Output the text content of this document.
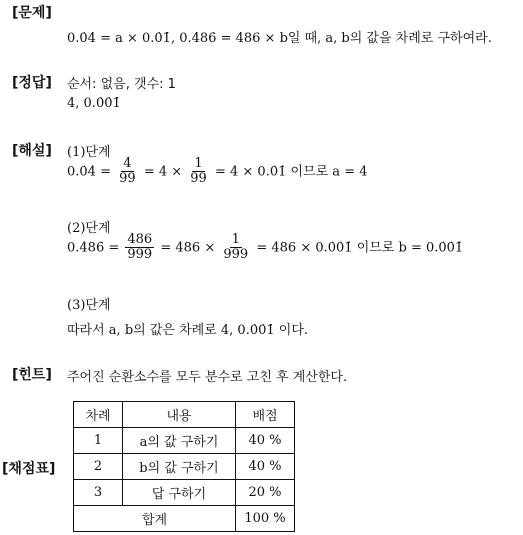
[문제]
0.0̇4̇ = a × 0.0̇1̇, 0.4̇86̇ = 486 × b일 때, a, b의 값을 차례로 구하여라.
[정답] 순서: 없음, 갯수: 1
4, 0.0̇0̇1̇
[해설] (1)단계
0.0̇4̇ = $\frac{4}{99} = 4 \times \frac{1}{99} = 4$ × 0.0̇1̇ 이므로 a = 4
(2)단계
0.4̇86̇ = $\frac{486}{999} = 486 \times \frac{1}{999} = 486$ × 0.0̇0̇1̇ 이므로 b = 0.0̇0̇1̇
(3)단계
따라서 a, b의 값은 차례로 4, 0.0̇0̇1̇ 이다.
[힌트] 주어진 순환소수를 모두 분수로 고친 후 계산한다.
[채점표]
차례	내용	배점
1	a의 값 구하기	40 %
2	b의 값 구하기	40 %
3	답 구하기	20 %
합계		100 %
